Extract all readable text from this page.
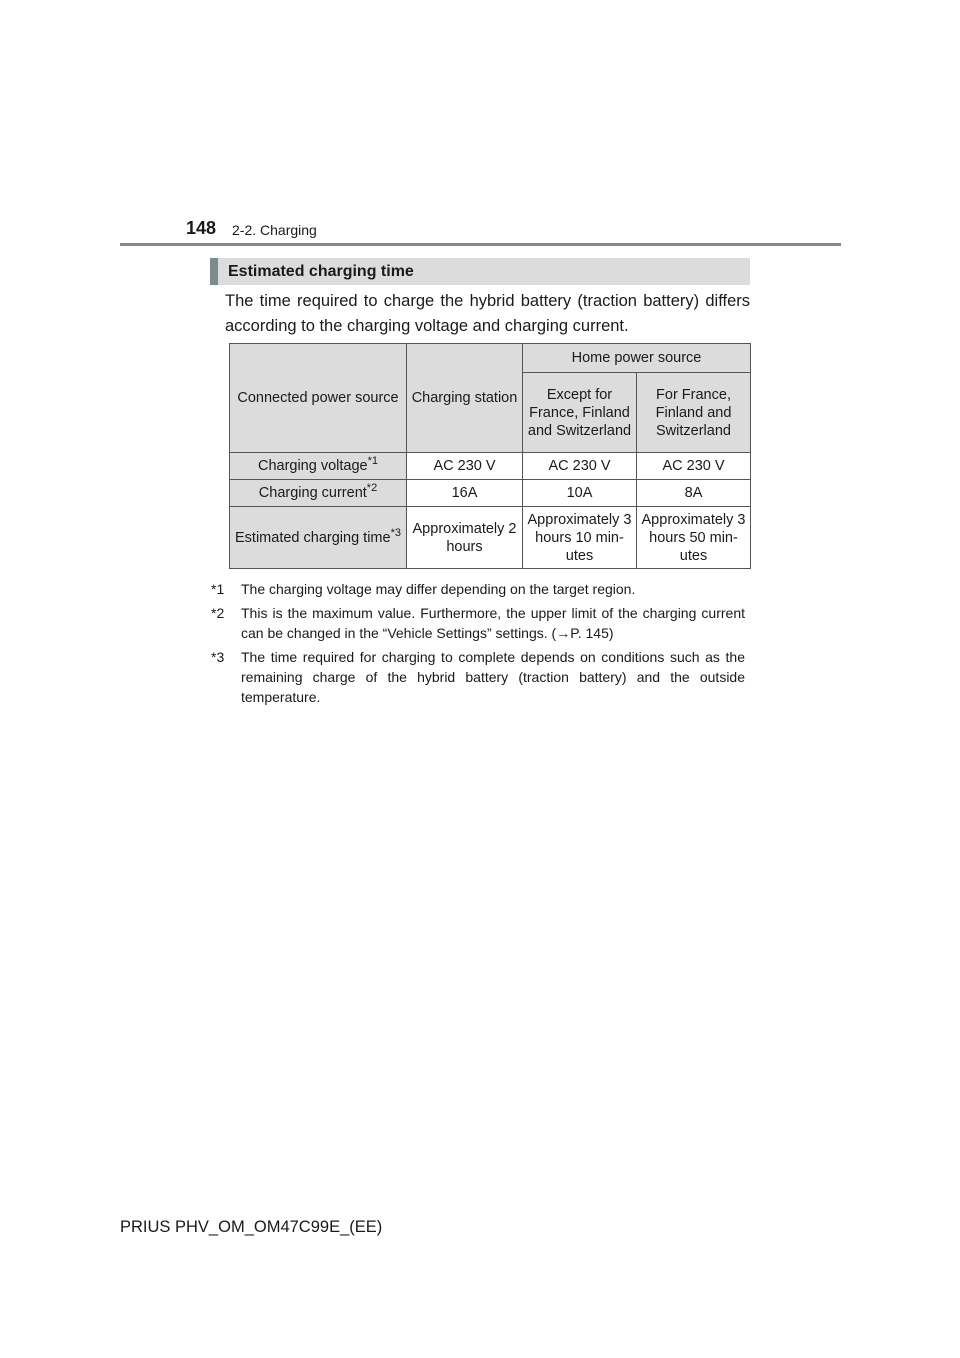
148 2-2. Charging
Estimated charging time

The time required to charge the hybrid battery (traction battery) differs according to the charging voltage and charging current.

Connected power source	Charging station	Home power source	
		Except for France, Finland and Switzerland	For France, Finland and Switzerland
Charging voltage$^{*1}$	AC 230 V	AC 230 V	AC 230 V
Charging current$^{*2}$	16A	10A	8A
Estimated charging time$^{*3}$	Approximately 2 hours	Approximately 3 hours 10 min-utes	Approximately 3 hours 50 min-utes
*1	The charging voltage may differ depending on the target region.
*2	This is the maximum value. Furthermore, the upper limit of the charging current can be changed in the “Vehicle Settings” settings. (→P. 145)
*3	The time required for charging to complete depends on conditions such as the remaining charge of the hybrid battery (traction battery) and the outside temperature.
PRIUS PHV_OM_OM47C99E_(EE)
